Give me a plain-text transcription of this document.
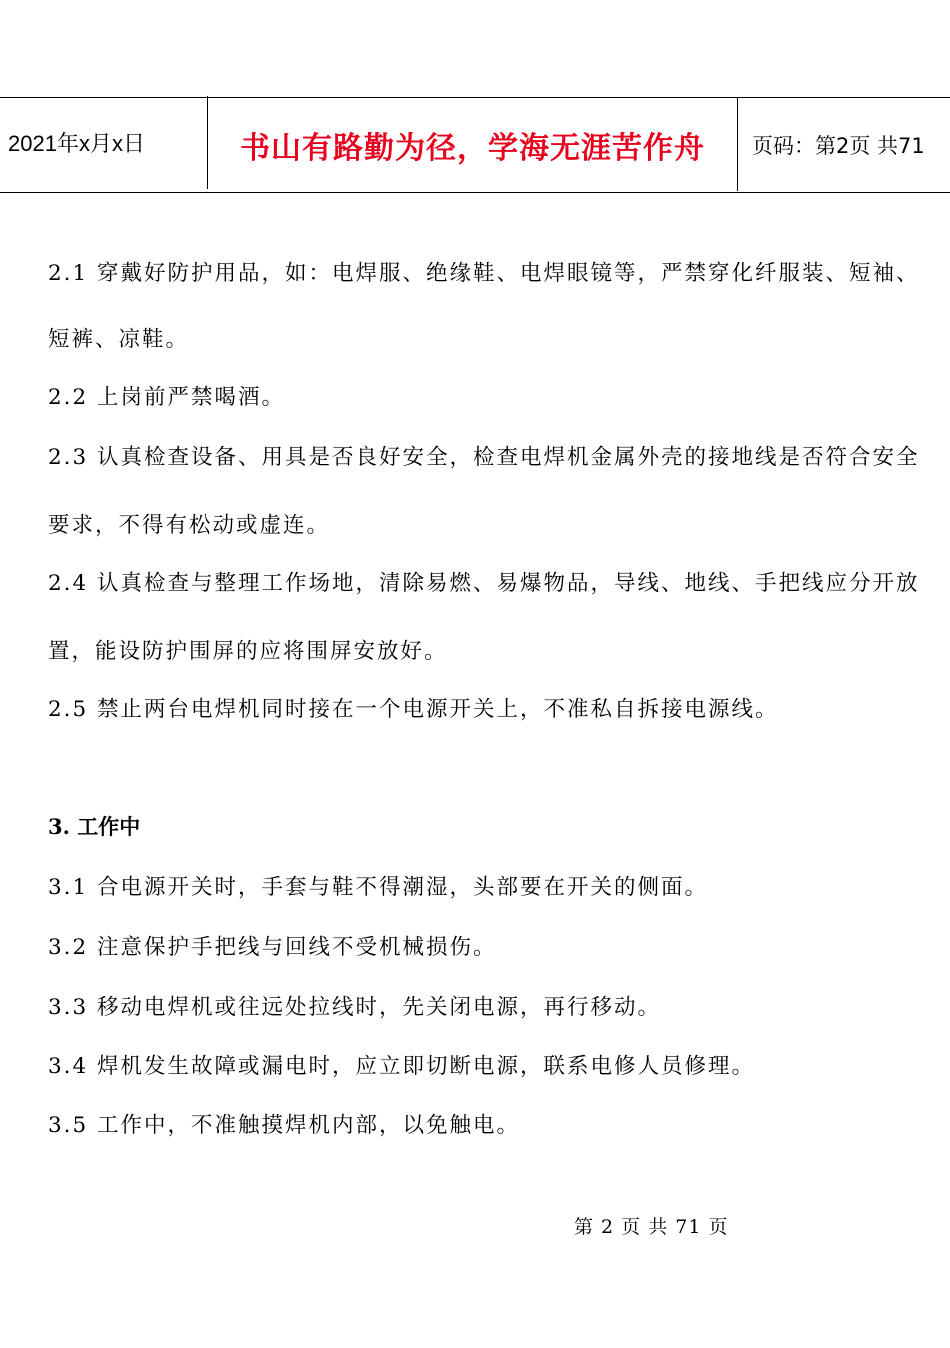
2021年x月x日	书山有路勤为径，学海无涯苦作舟	页码：第2页 共71
2.1 穿戴好防护用品，如：电焊服、绝缘鞋、电焊眼镜等，严禁穿化纤服装、短袖、
短裤、凉鞋。
2.2 上岗前严禁喝酒。
2.3 认真检查设备、用具是否良好安全，检查电焊机金属外壳的接地线是否符合安全
要求，不得有松动或虚连。
2.4 认真检查与整理工作场地，清除易燃、易爆物品，导线、地线、手把线应分开放
置，能设防护围屏的应将围屏安放好。
2.5 禁止两台电焊机同时接在一个电源开关上，不准私自拆接电源线。
3. 工作中
3.1 合电源开关时，手套与鞋不得潮湿，头部要在开关的侧面。
3.2 注意保护手把线与回线不受机械损伤。
3.3 移动电焊机或往远处拉线时，先关闭电源，再行移动。
3.4 焊机发生故障或漏电时，应立即切断电源，联系电修人员修理。
3.5 工作中，不准触摸焊机内部，以免触电。
第 2 页 共 71 页
